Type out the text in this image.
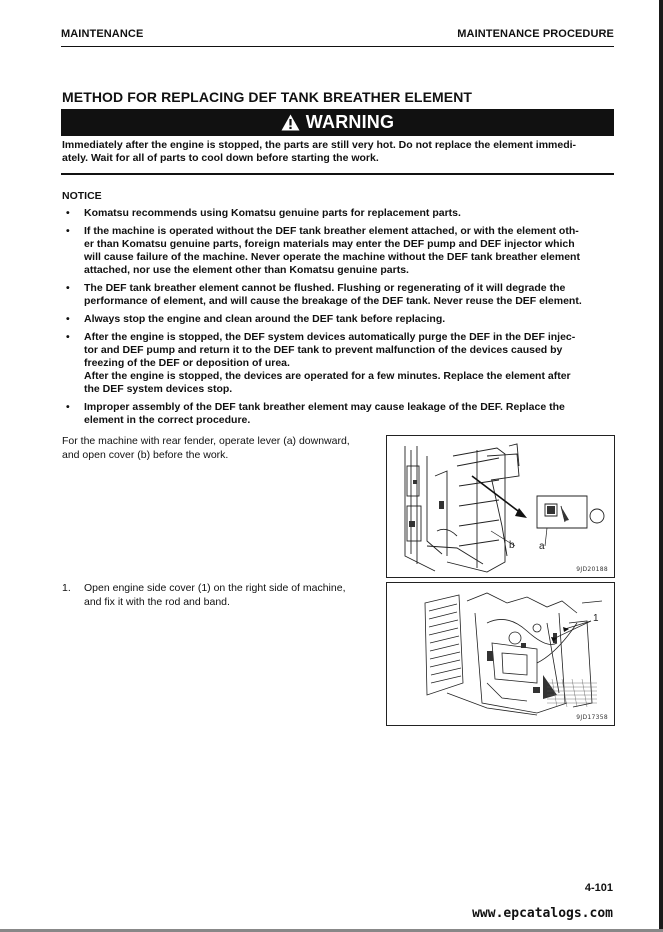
MAINTENANCE	MAINTENANCE PROCEDURE
METHOD FOR REPLACING DEF TANK BREATHER ELEMENT
WARNING
Immediately after the engine is stopped, the parts are still very hot. Do not replace the element immedi-
ately. Wait for all of parts to cool down before starting the work.
NOTICE
• Komatsu recommends using Komatsu genuine parts for replacement parts.
• If the machine is operated without the DEF tank breather element attached, or with the element oth-
er than Komatsu genuine parts, foreign materials may enter the DEF pump and DEF injector which
will cause failure of the machine. Never operate the machine without the DEF tank breather element
attached, nor use the element other than Komatsu genuine parts.
• The DEF tank breather element cannot be flushed. Flushing or regenerating of it will degrade the
performance of element, and will cause the breakage of the DEF tank. Never reuse the DEF element.
• Always stop the engine and clean around the DEF tank before replacing.
• After the engine is stopped, the DEF system devices automatically purge the DEF in the DEF injec-
tor and DEF pump and return it to the DEF tank to prevent malfunction of the devices caused by
freezing of the DEF or deposition of urea.
After the engine is stopped, the devices are operated for a few minutes. Replace the element after
the DEF system devices stop.
• Improper assembly of the DEF tank breather element may cause leakage of the DEF. Replace the
element in the correct procedure.
For the machine with rear fender, operate lever (a) downward,
and open cover (b) before the work.
b a
9JD20188
1. Open engine side cover (1) on the right side of machine,
and fix it with the rod and band.
1
9JD17358
4-101
www.epcatalogs.com
